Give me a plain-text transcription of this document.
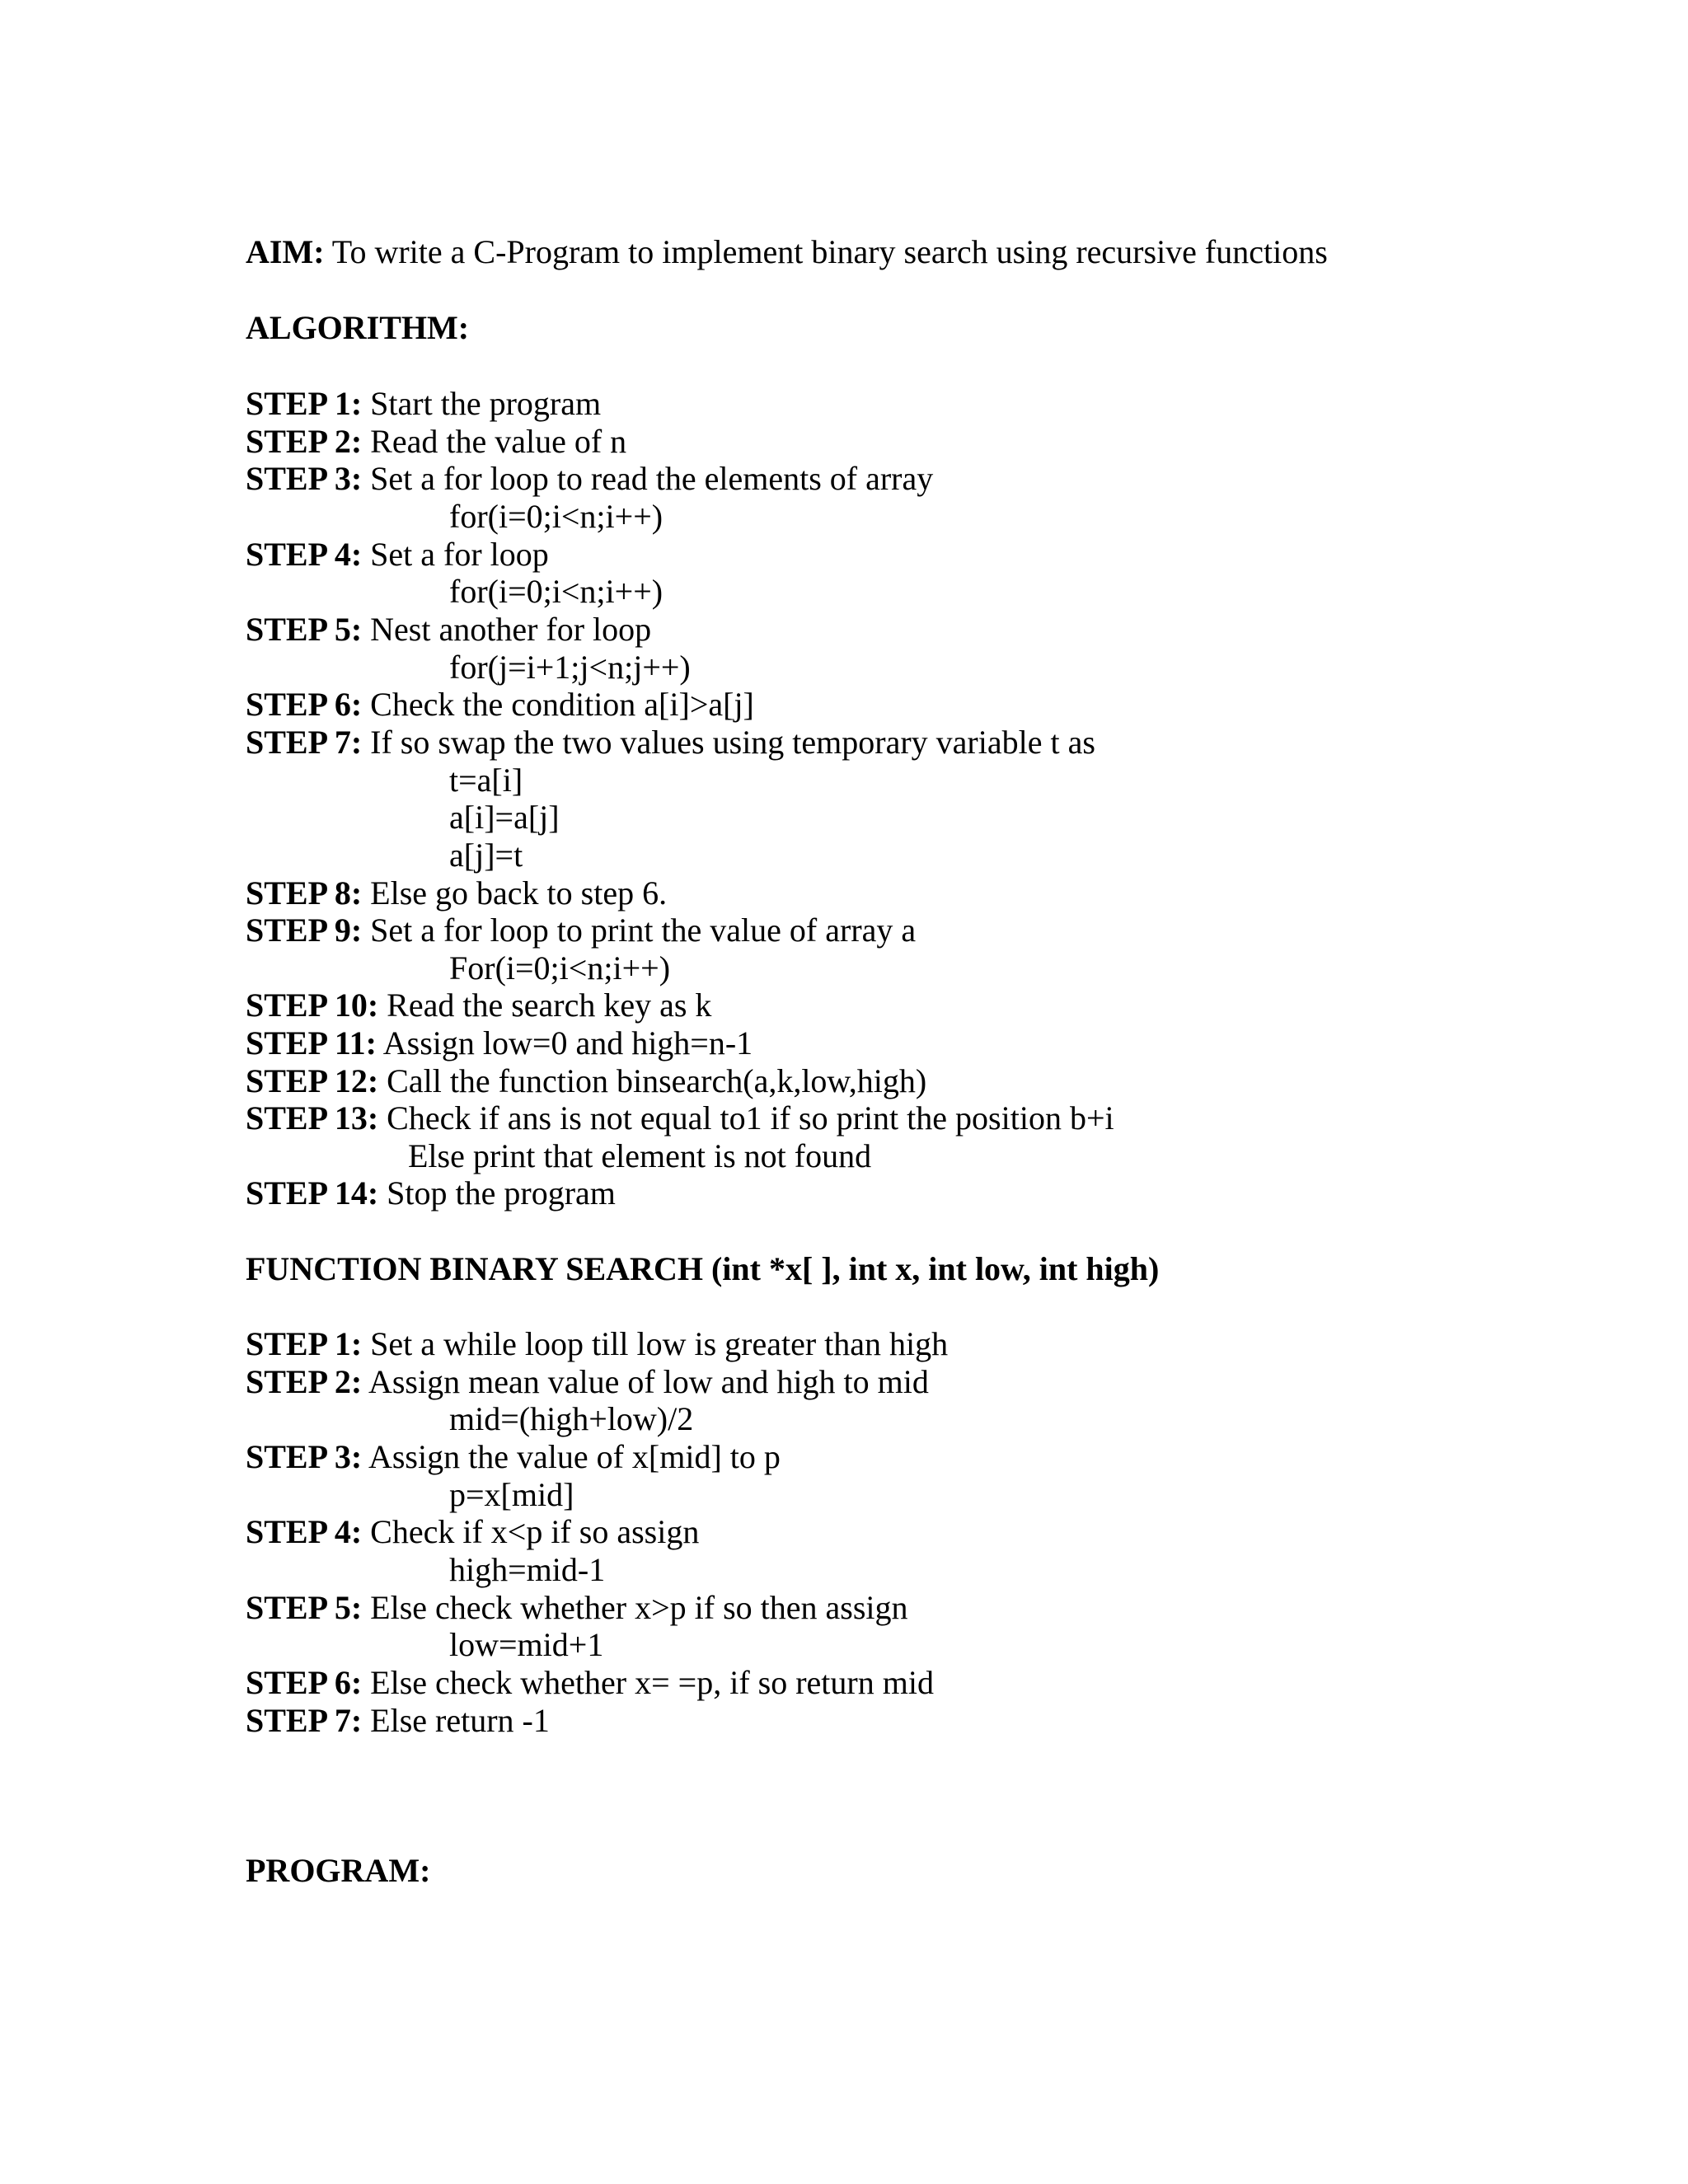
AIM: To write a C-Program to implement binary search using recursive functions
ALGORITHM:
STEP 1: Start the program
STEP 2: Read the value of n
STEP 3: Set a for loop to read the elements of array
for(i=0;i<n;i++)
STEP 4: Set a for loop
for(i=0;i<n;i++)
STEP 5: Nest another for loop
for(j=i+1;j<n;j++)
STEP 6: Check the condition a[i]>a[j]
STEP 7: If so swap the two values using temporary variable t as
t=a[i]
a[i]=a[j]
a[j]=t
STEP 8: Else go back to step 6.
STEP 9: Set a for loop to print the value of array a
For(i=0;i<n;i++)
STEP 10: Read the search key as k
STEP 11: Assign low=0 and high=n-1
STEP 12: Call the function binsearch(a,k,low,high)
STEP 13: Check if ans is not equal to1 if so print the position b+i
Else print that element is not found
STEP 14: Stop the program
FUNCTION BINARY SEARCH (int *x[ ], int x, int low, int high)
STEP 1: Set a while loop till low is greater than high
STEP 2: Assign mean value of low and high to mid
mid=(high+low)/2
STEP 3: Assign the value of x[mid] to p
p=x[mid]
STEP 4: Check if x<p if so assign
high=mid-1
STEP 5: Else check whether x>p if so then assign
low=mid+1
STEP 6: Else check whether x= =p, if so return mid
STEP 7: Else return -1
PROGRAM:
